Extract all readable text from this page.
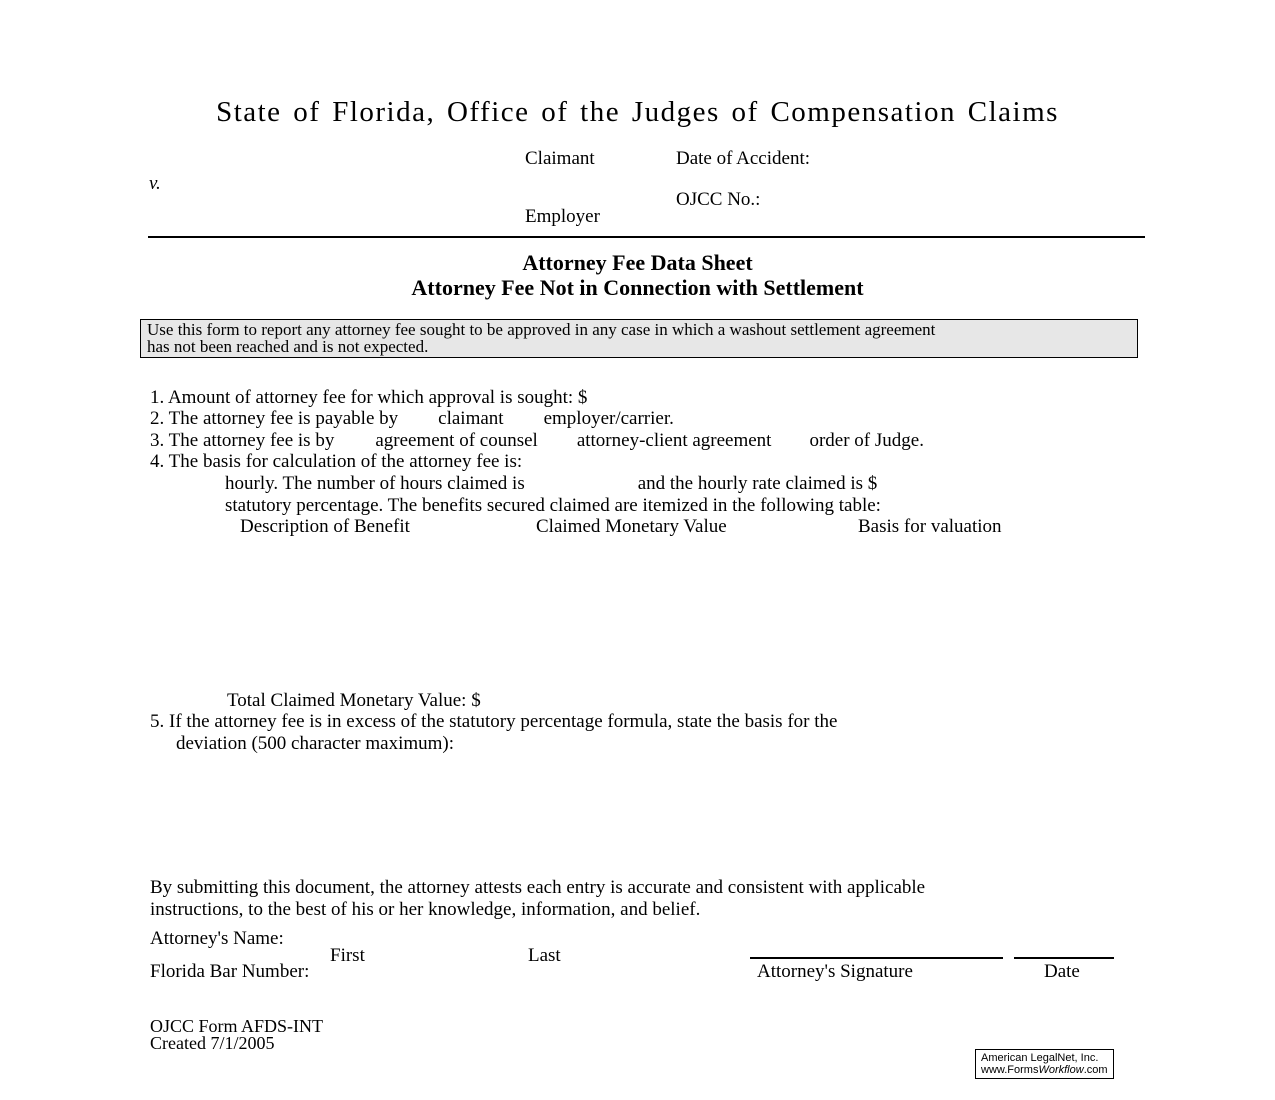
State of Florida, Office of the Judges of Compensation Claims
Claimant	Date of Accident:
v.
OJCC No.:
Employer
Attorney Fee Data Sheet
Attorney Fee Not in Connection with Settlement
Use this form to report any attorney fee sought to be approved in any case in which a washout settlement agreement
has not been reached and is not expected.
1. Amount of attorney fee for which approval is sought: $
2. The attorney fee is payable by claimant employer/carrier.
3. The attorney fee is by agreement of counsel attorney-client agreement order of Judge.
4. The basis for calculation of the attorney fee is:
hourly. The number of hours claimed is	and the hourly rate claimed is $
statutory percentage. The benefits secured claimed are itemized in the following table:
Description of Benefit	Claimed Monetary Value	Basis for valuation
Total Claimed Monetary Value: $
5. If the attorney fee is in excess of the statutory percentage formula, state the basis for the
deviation (500 character maximum):
By submitting this document, the attorney attests each entry is accurate and consistent with applicable
instructions, to the best of his or her knowledge, information, and belief.
Attorney's Name:
First	Last
Florida Bar Number:	Attorney's Signature	Date
OJCC Form AFDS-INT
Created 7/1/2005
American LegalNet, Inc.
www.FormsWorkflow.com
